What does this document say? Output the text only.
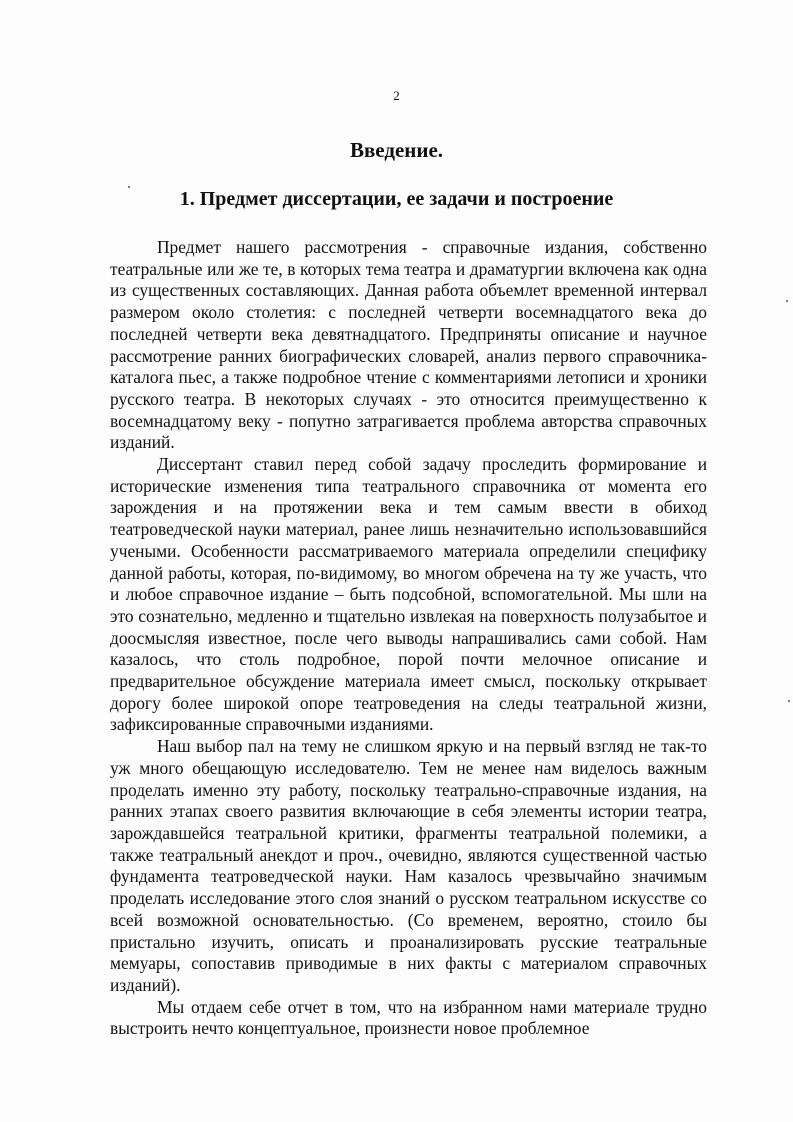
2
Введение.
1. Предмет диссертации, ее задачи и построение

Предмет нашего рассмотрения - справочные издания, собственно театральные или же те, в которых тема театра и драматургии включена как одна из существенных составляющих. Данная работа объемлет временной интервал размером около столетия: с последней четверти восемнадцатого века до последней четверти века девятнадцатого. Предприняты описание и научное рассмотрение ранних биографических словарей, анализ первого справочника-каталога пьес, а также подробное чтение с комментариями летописи и хроники русского театра. В некоторых случаях - это относится преимущественно к восемнадцатому веку - попутно затрагивается проблема авторства справочных изданий.

Диссертант ставил перед собой задачу проследить формирование и исторические изменения типа театрального справочника от момента его зарождения и на протяжении века и тем самым ввести в обиход театроведческой науки материал, ранее лишь незначительно использовавшийся учеными. Особенности рассматриваемого материала определили специфику данной работы, которая, по-видимому, во многом обречена на ту же участь, что и любое справочное издание – быть подсобной, вспомогательной. Мы шли на это сознательно, медленно и тщательно извлекая на поверхность полузабытое и доосмысляя известное, после чего выводы напрашивались сами собой. Нам казалось, что столь подробное, порой почти мелочное описание и предварительное обсуждение материала имеет смысл, поскольку открывает дорогу более широкой опоре театроведения на следы театральной жизни, зафиксированные справочными изданиями.

Наш выбор пал на тему не слишком яркую и на первый взгляд не так-то уж много обещающую исследователю. Тем не менее нам виделось важным проделать именно эту работу, поскольку театрально-справочные издания, на ранних этапах своего развития включающие в себя элементы истории театра, зарождавшейся театральной критики, фрагменты театральной полемики, а также театральный анекдот и проч., очевидно, являются существенной частью фундамента театроведческой науки. Нам казалось чрезвычайно значимым проделать исследование этого слоя знаний о русском театральном искусстве со всей возможной основательностью. (Со временем, вероятно, стоило бы пристально изучить, описать и проанализировать русские театральные мемуары, сопоставив приводимые в них факты с материалом справочных изданий).

Мы отдаем себе отчет в том, что на избранном нами материале трудно выстроить нечто концептуальное, произнести новое проблемное
